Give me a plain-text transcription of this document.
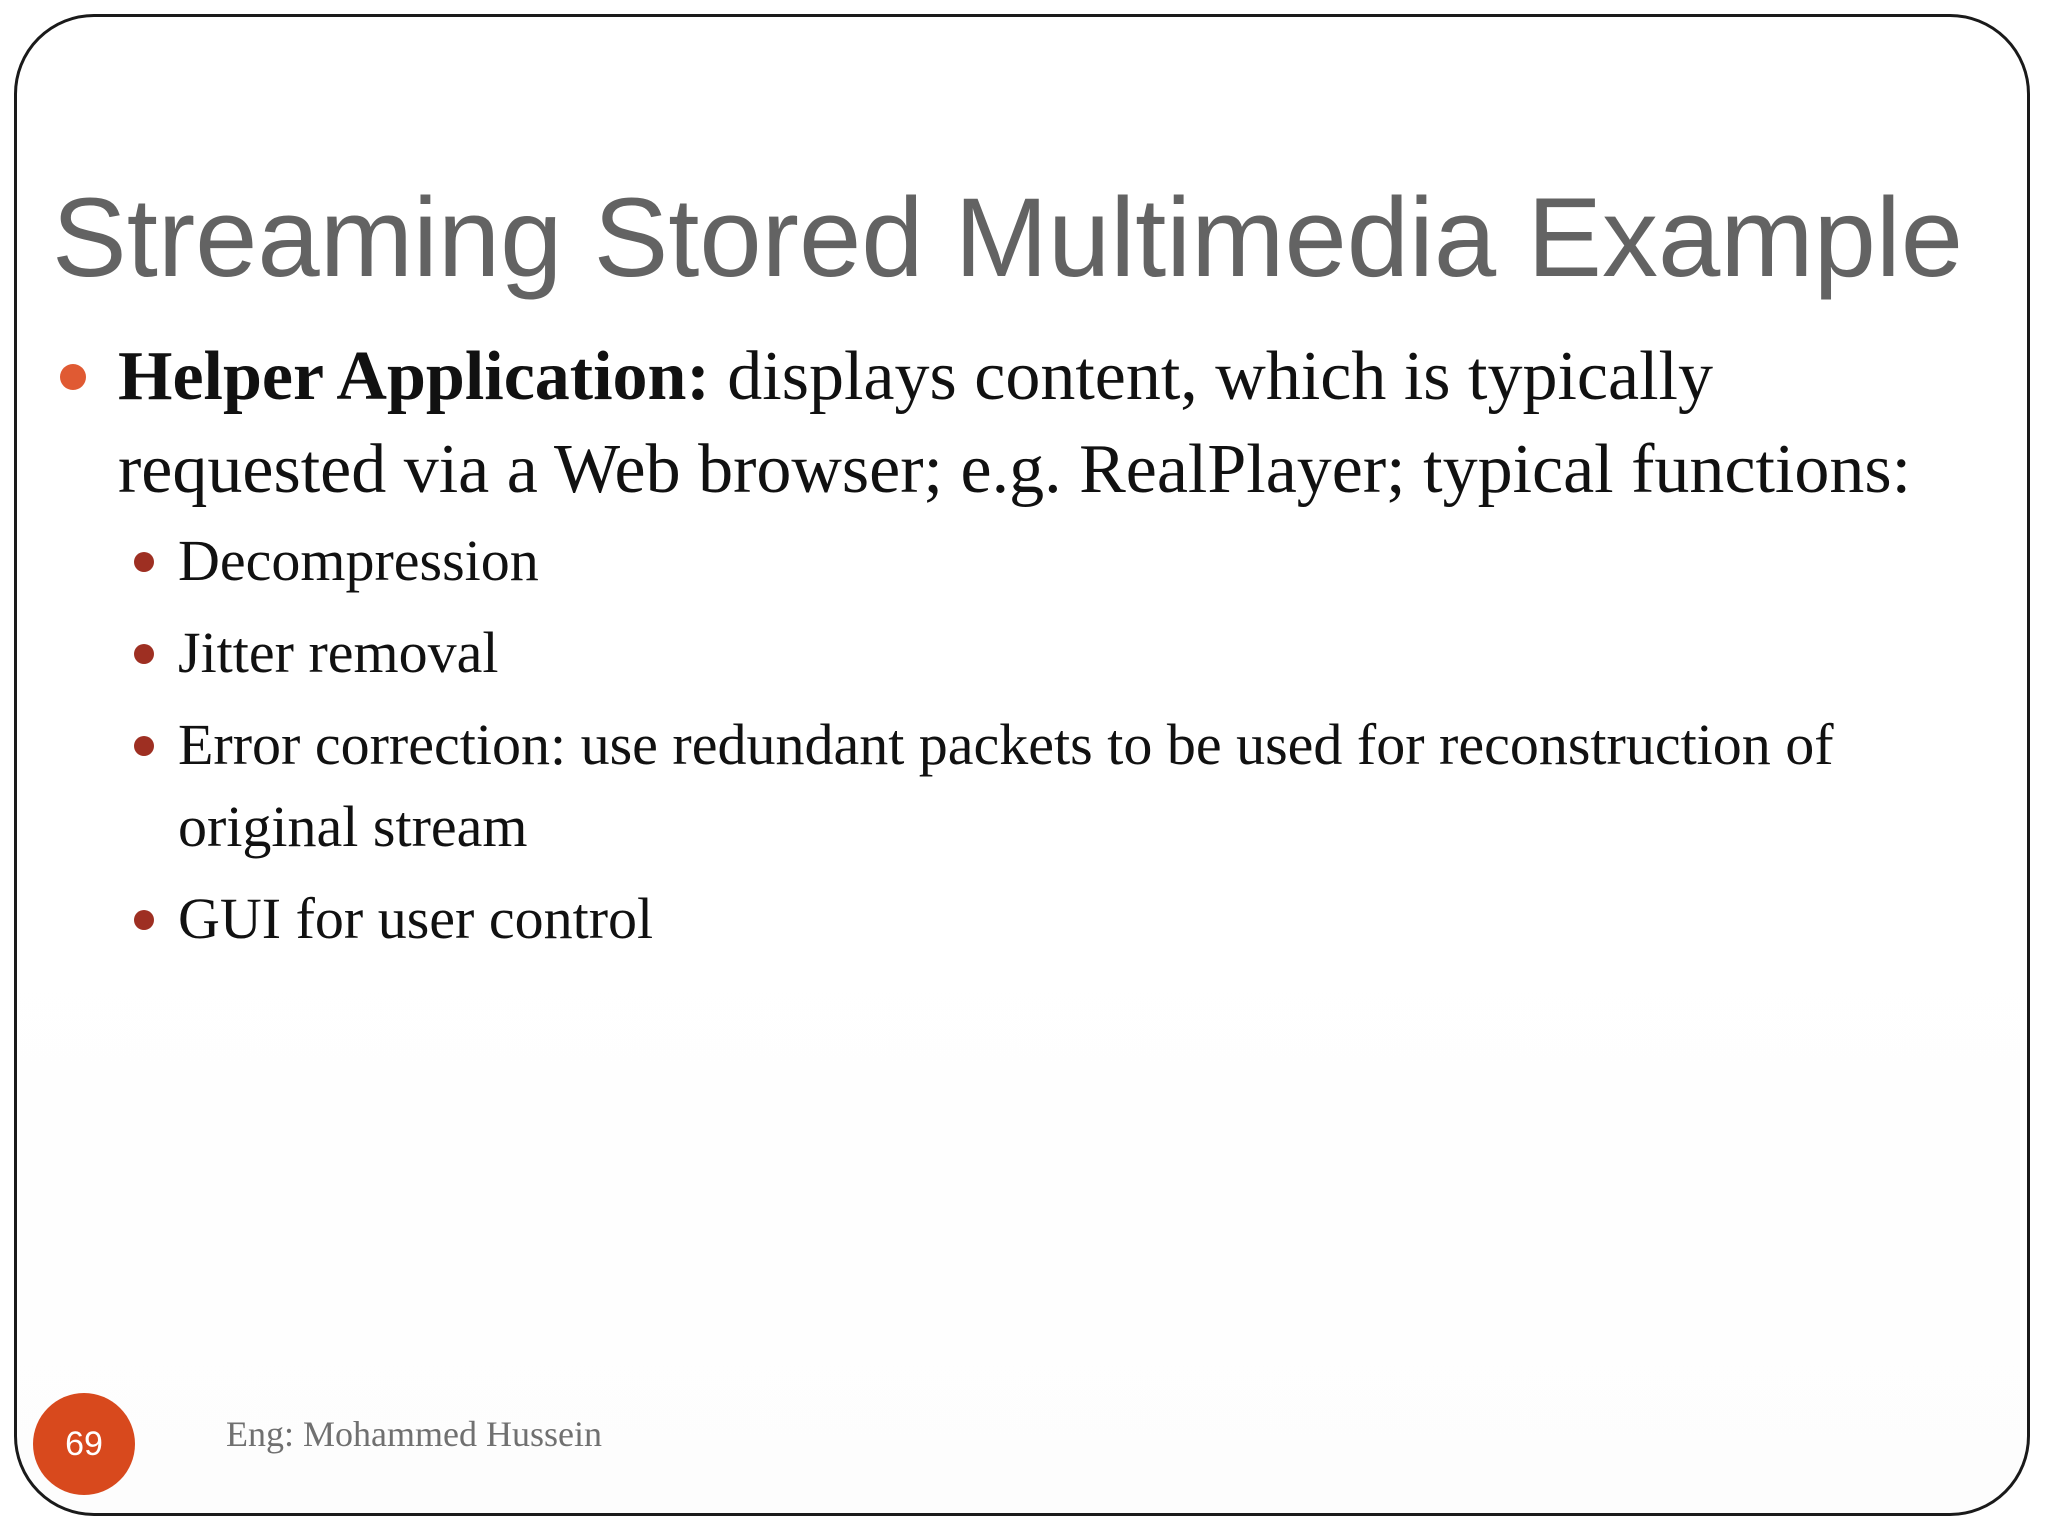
Streaming Stored Multimedia Example
Helper Application: displays content, which is typically requested via a Web browser; e.g. RealPlayer; typical functions:
Decompression
Jitter removal
Error correction: use redundant packets to be used for reconstruction of original stream
GUI for user control
69	Eng: Mohammed Hussein
